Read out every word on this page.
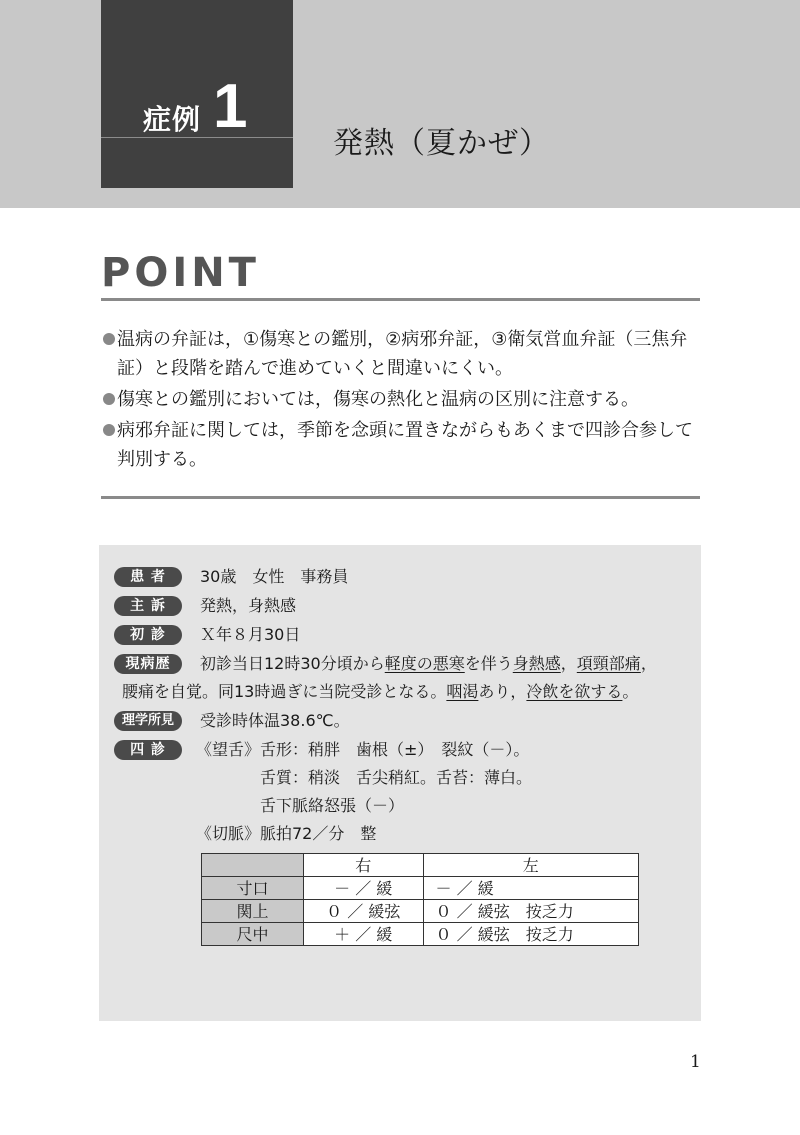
症例 1
発熱（夏かぜ）
POINT
温病の弁証は，①傷寒との鑑別，②病邪弁証，③衛気営血弁証（三焦弁証）と段階を踏んで進めていくと間違いにくい。
傷寒との鑑別においては，傷寒の熱化と温病の区別に注意する。
病邪弁証に関しては，季節を念頭に置きながらもあくまで四診合参して判別する。
患 者	30歳　女性　事務員
主 訴	発熱，身熱感
初 診	Ｘ年８月30日
現病歴	初診当日12時30分頃から軽度の悪寒を伴う身熱感，項頸部痛，
腰痛を自覚。同13時過ぎに当院受診となる。咽渇あり，冷飲を欲する。
理学所見	受診時体温38.6℃。
四 診	《望舌》舌形：稍胖　歯根（±）　裂紋（－）。
舌質：稍淡　舌尖稍紅。舌苔：薄白。
舌下脈絡怒張（－）
《切脈》脈拍72／分　整
	右	左
寸口	－ ／ 緩	－ ／ 緩
関上	０ ／ 緩弦	０ ／ 緩弦　按乏力
尺中	＋ ／ 緩	０ ／ 緩弦　按乏力
1
